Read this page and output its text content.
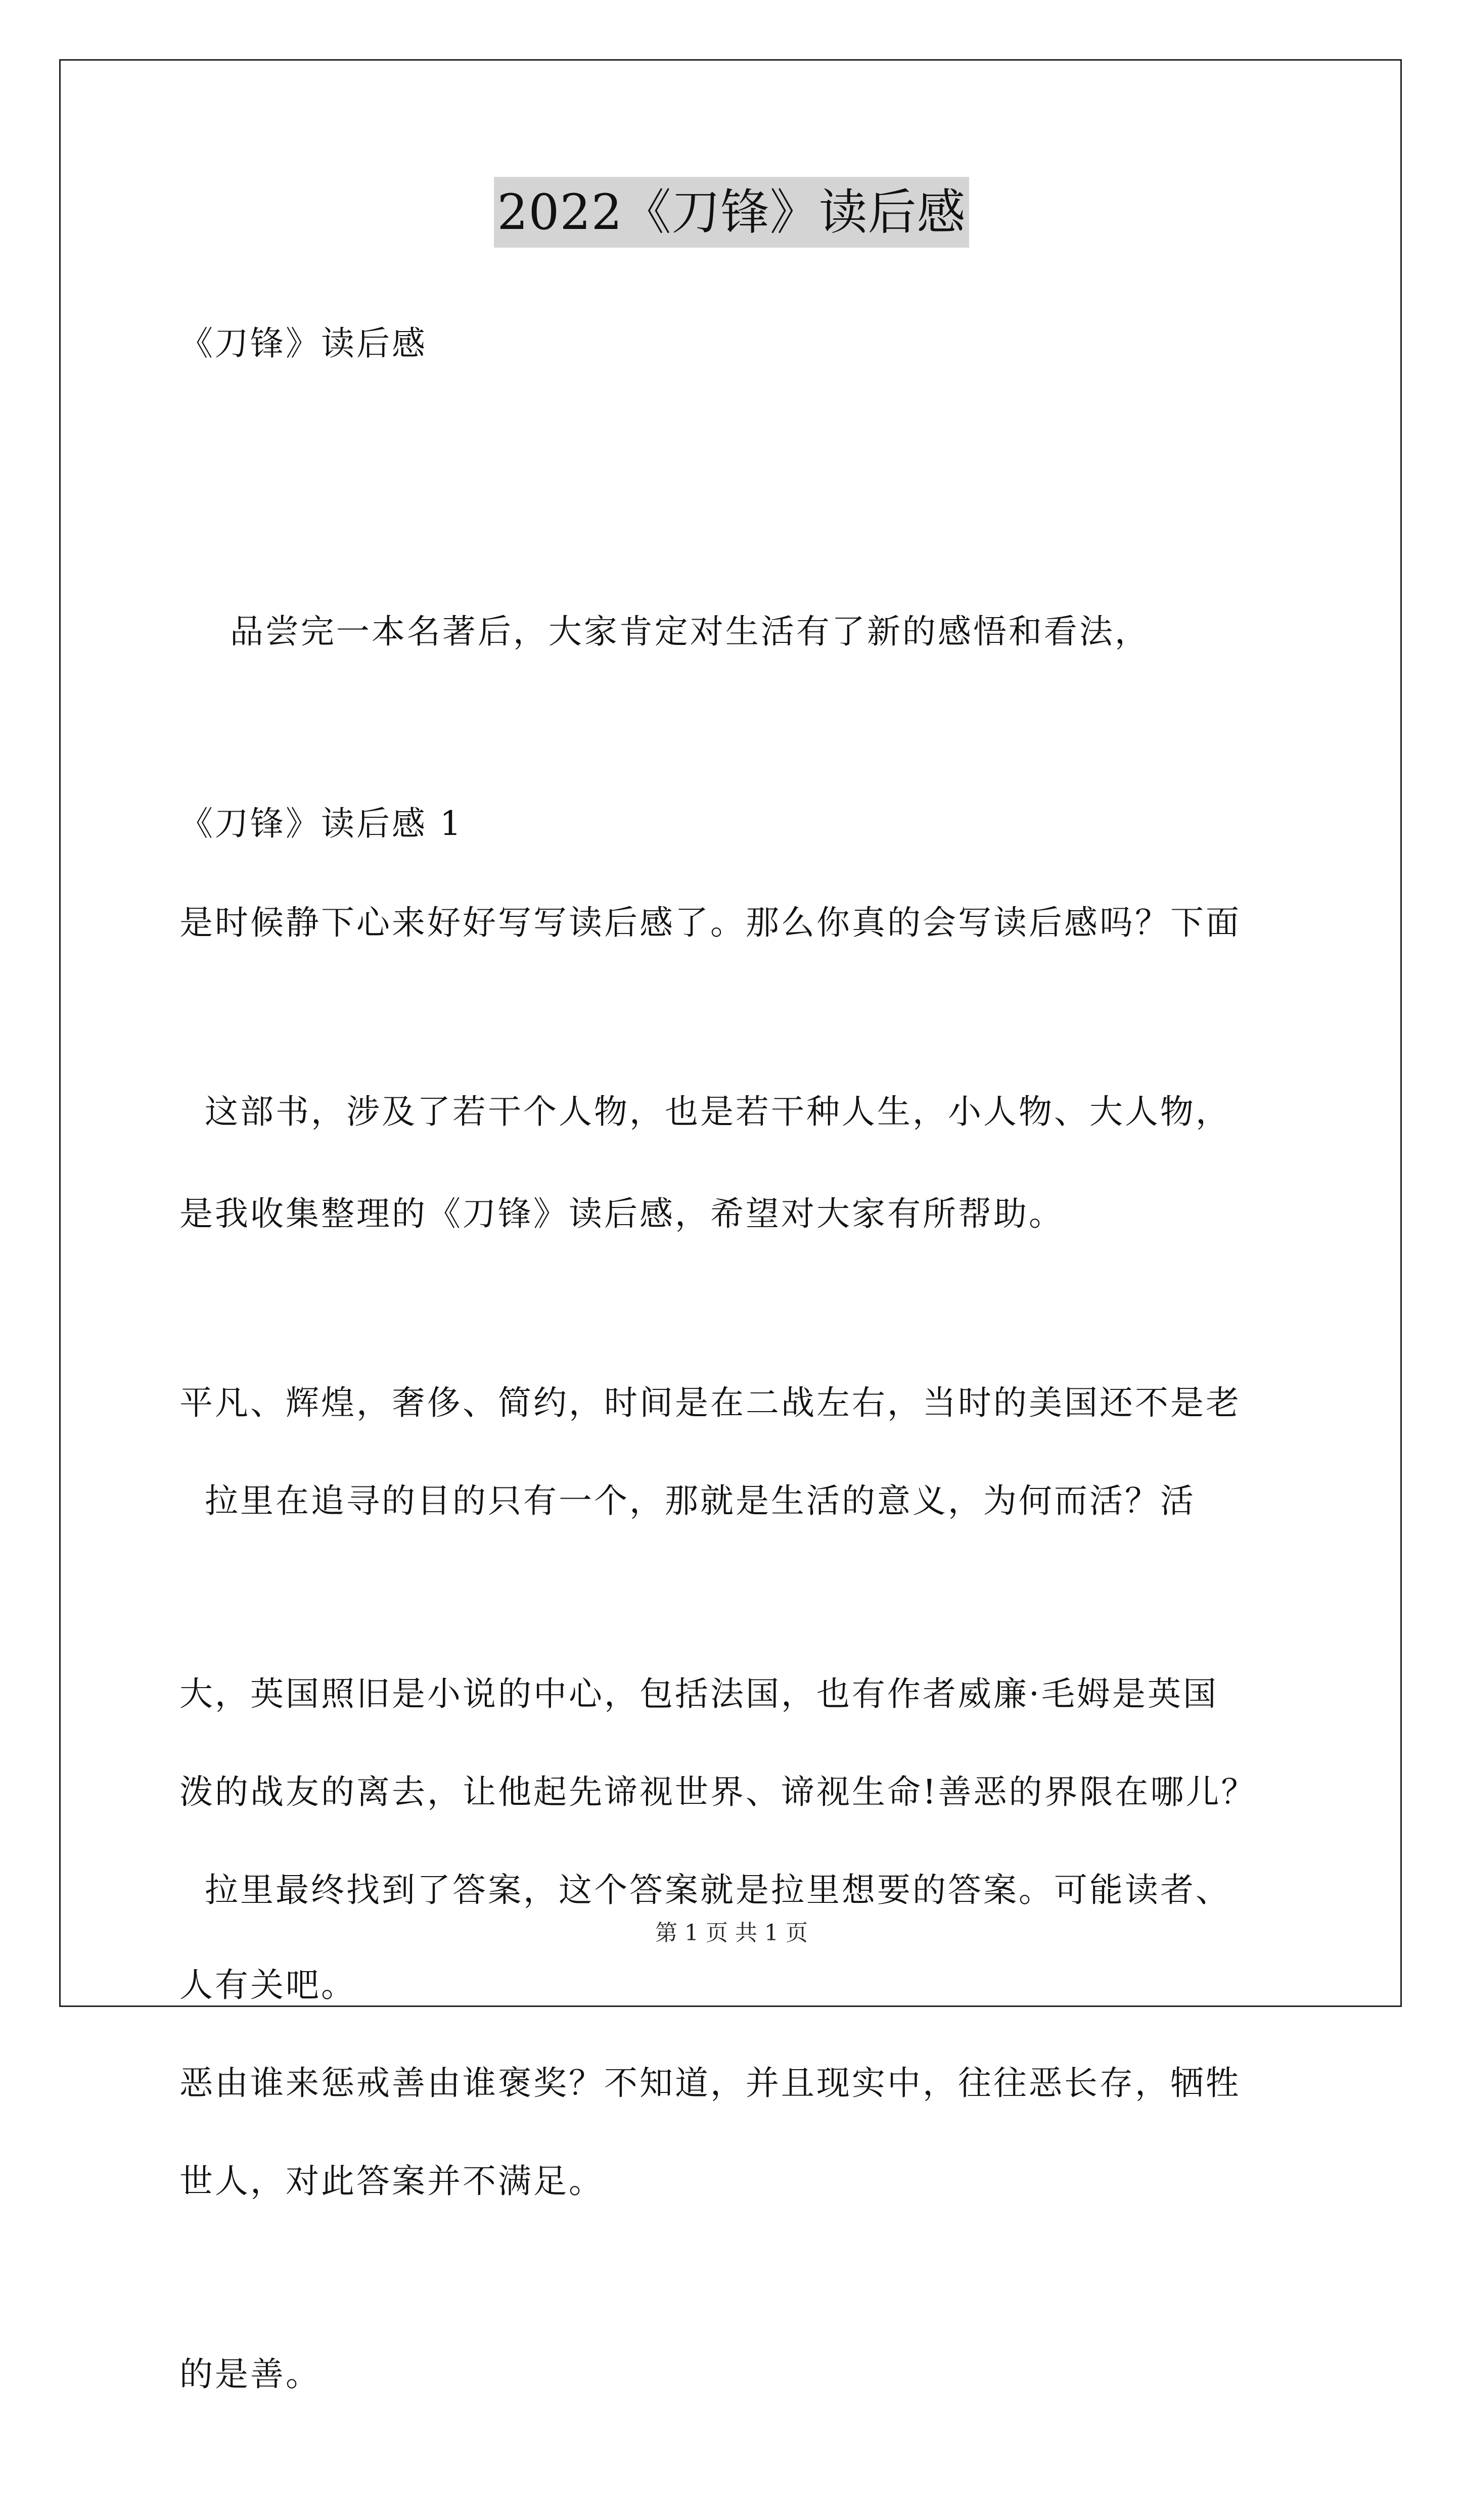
2022《刀锋》读后感
《刀锋》读后感

品尝完一本名著后，大家肯定对生活有了新的感悟和看法，

是时候静下心来好好写写读后感了。那么你真的会写读后感吗？下面

是我收集整理的《刀锋》读后感，希望对大家有所帮助。

《刀锋》读后感 1

这部书，涉及了若干个人物，也是若干种人生，小人物、大人物，

平凡、辉煌，奢侈、简约，时间是在二战左右，当时的美国还不是老

大，英国照旧是小说的中心，包括法国，也有作者威廉·毛姆是英国

人有关吧。

拉里在追寻的目的只有一个，那就是生活的意义，为何而活？活

泼的战友的离去，让他起先谛视世界、谛视生命!善恶的界限在哪儿？

恶由谁来惩戒善由谁褒奖？不知道，并且现实中，往往恶长存，牺牲

的是善。

拉里最终找到了答案，这个答案就是拉里想要的答案。可能读者、

世人，对此答案并不满足。

第 1 页 共 1 页
